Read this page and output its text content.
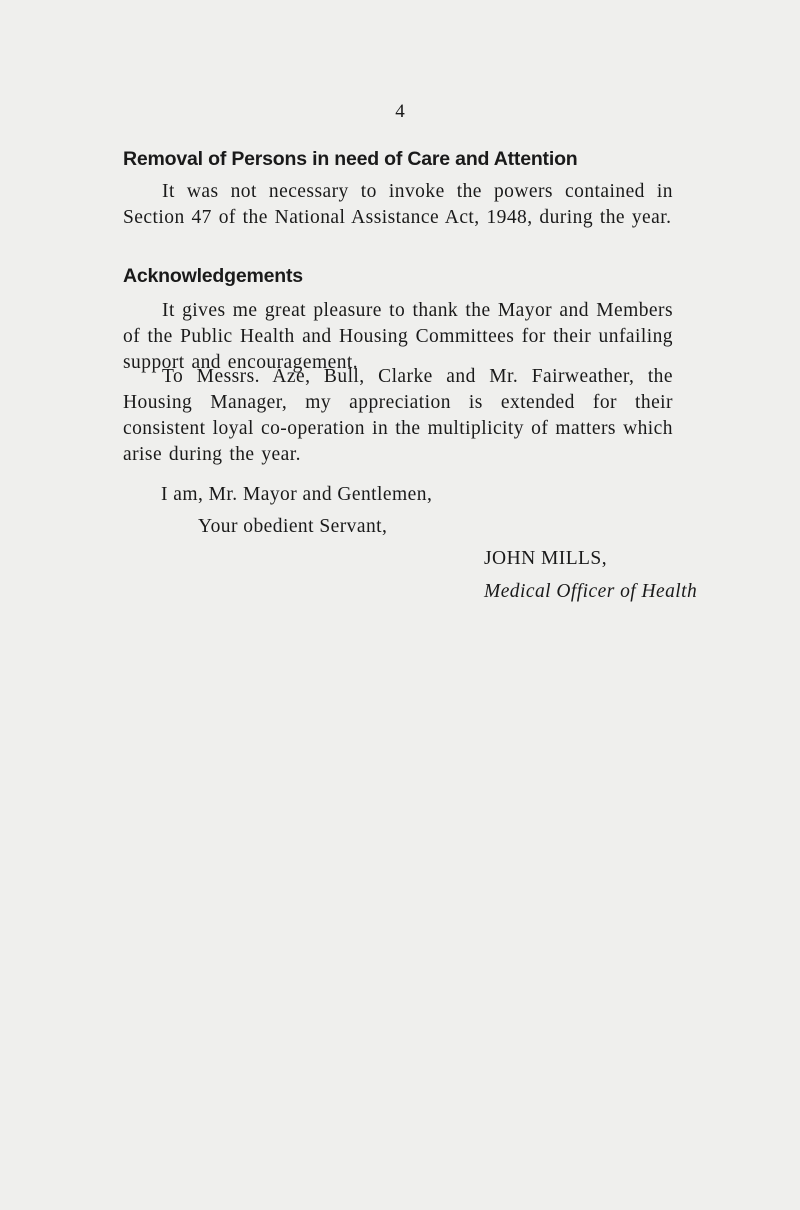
4
Removal of Persons in need of Care and Attention
It was not necessary to invoke the powers contained in Section 47 of the National Assistance Act, 1948, during the year.
Acknowledgements
It gives me great pleasure to thank the Mayor and Members of the Public Health and Housing Committees for their unfailing support and encouragement.
To Messrs. Aze, Bull, Clarke and Mr. Fairweather, the Housing Manager, my appreciation is extended for their consistent loyal co-operation in the multiplicity of matters which arise during the year.
I am, Mr. Mayor and Gentlemen,
Your obedient Servant,
JOHN MILLS,
Medical Officer of Health
